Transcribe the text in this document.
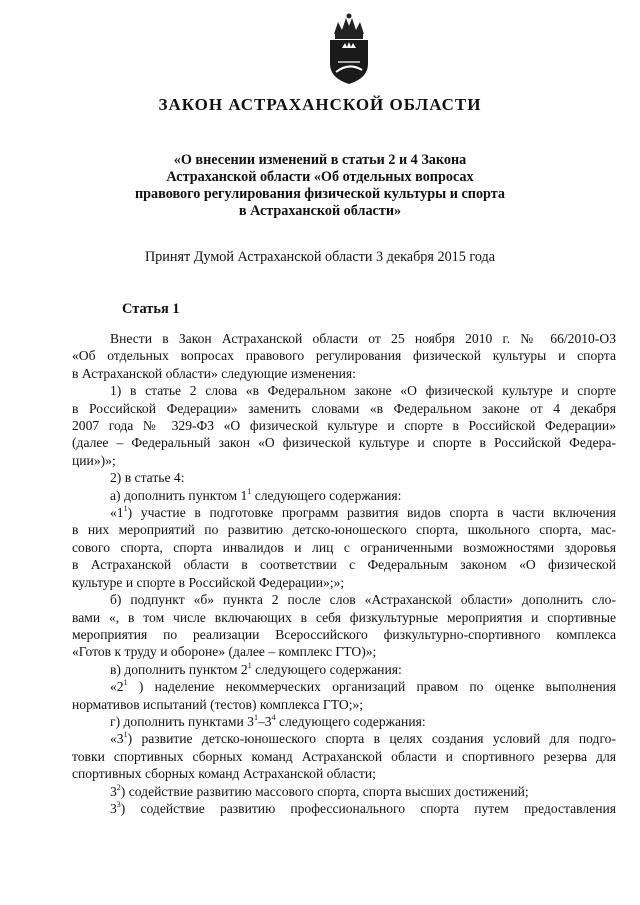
ЗАКОН АСТРАХАНСКОЙ ОБЛАСТИ
«О внесении изменений в статьи 2 и 4 Закона
Астраханской области «Об отдельных вопросах
правового регулирования физической культуры и спорта
в Астраханской области»

Принят Думой Астраханской области 3 декабря 2015 года

Статья 1

Внести в Закон Астраханской области от 25 ноября 2010 г. № 66/2010-ОЗ

«Об отдельных вопросах правового регулирования физической культуры и спорта

в Астраханской области» следующие изменения:

1) в статье 2 слова «в Федеральном законе «О физической культуре и спорте

в Российской Федерации» заменить словами «в Федеральном законе от 4 декабря

2007 года № 329-ФЗ «О физической культуре и спорте в Российской Федерации»

(далее – Федеральный закон «О физической культуре и спорте в Российской Федера-

ции»)»;

2) в статье 4:

а) дополнить пунктом $1^1$ следующего содержания:

«$1^1$) участие в подготовке программ развития видов спорта в части включения

в них мероприятий по развитию детско-юношеского спорта, школьного спорта, мас-

сового спорта, спорта инвалидов и лиц с ограниченными возможностями здоровья

в Астраханской области в соответствии с Федеральным законом «О физической

культуре и спорте в Российской Федерации»;»;

б) подпункт «б» пункта 2 после слов «Астраханской области» дополнить сло-

вами «, в том числе включающих в себя физкультурные мероприятия и спортивные

мероприятия по реализации Всероссийского физкультурно-спортивного комплекса

«Готов к труду и обороне» (далее – комплекс ГТО)»;

в) дополнить пунктом $2^1$ следующего содержания:

«$2^1$ ) наделение некоммерческих организаций правом по оценке выполнения

нормативов испытаний (тестов) комплекса ГТО;»;

г) дополнить пунктами $3^1-3^4$ следующего содержания:

«$3^1$) развитие детско-юношеского спорта в целях создания условий для подго-

товки спортивных сборных команд Астраханской области и спортивного резерва для

спортивных сборных команд Астраханской области;

$3^2$) содействие развитию массового спорта, спорта высших достижений;

$3^3$) содействие развитию профессионального спорта путем предоставления
